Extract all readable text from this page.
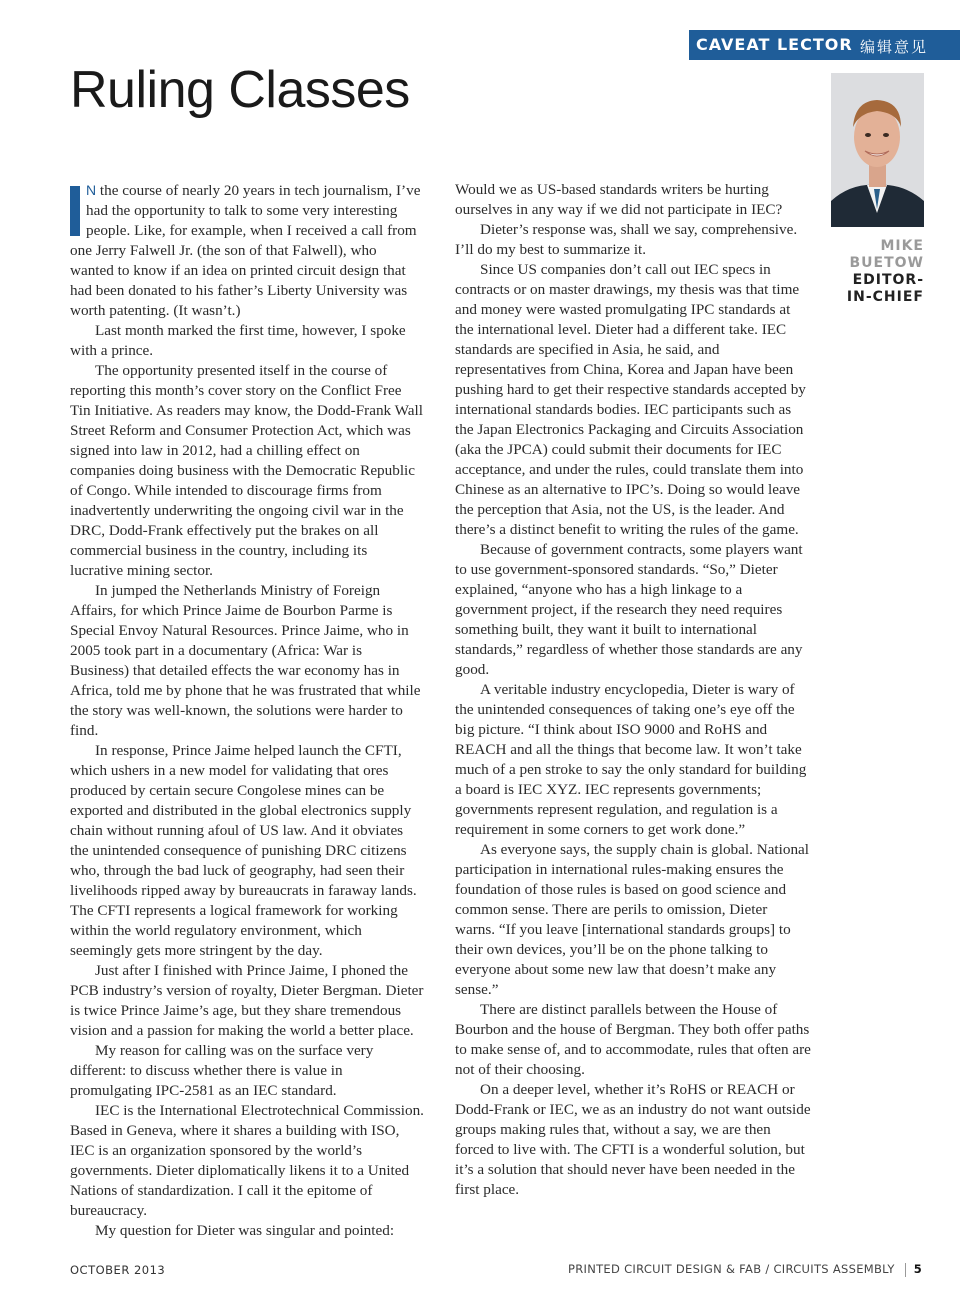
CAVEAT LECTOR 编辑意见
Ruling Classes
MIKE BUETOW
EDITOR-IN-CHIEF

N the course of nearly 20 years in tech journalism, I’ve had the opportunity to talk to some very interesting people. Like, for example, when I received a call from one Jerry Falwell Jr. (the son of that Falwell), who wanted to know if an idea on printed circuit design that had been donated to his father’s Liberty University was worth patenting. (It wasn’t.)

Last month marked the first time, however, I spoke with a prince.

The opportunity presented itself in the course of reporting this month’s cover story on the Conflict Free Tin Initiative. As readers may know, the Dodd-Frank Wall Street Reform and Consumer Protection Act, which was signed into law in 2012, had a chilling effect on companies doing business with the Democratic Republic of Congo. While intended to discourage firms from inadvertently underwriting the ongoing civil war in the DRC, Dodd-Frank effectively put the brakes on all commercial business in the country, including its lucrative mining sector.

In jumped the Netherlands Ministry of Foreign Affairs, for which Prince Jaime de Bourbon Parme is Special Envoy Natural Resources. Prince Jaime, who in 2005 took part in a documentary (Africa: War is Business) that detailed effects the war economy has in Africa, told me by phone that he was frustrated that while the story was well-known, the solutions were harder to find.

In response, Prince Jaime helped launch the CFTI, which ushers in a new model for validating that ores produced by certain secure Congolese mines can be exported and distributed in the global electronics supply chain without running afoul of US law. And it obviates the unintended consequence of punishing DRC citizens who, through the bad luck of geography, had seen their livelihoods ripped away by bureaucrats in faraway lands. The CFTI represents a logical framework for working within the world regulatory environment, which seemingly gets more stringent by the day.

Just after I finished with Prince Jaime, I phoned the PCB industry’s version of royalty, Dieter Bergman. Dieter is twice Prince Jaime’s age, but they share tremendous vision and a passion for making the world a better place.

My reason for calling was on the surface very different: to discuss whether there is value in promulgating IPC-2581 as an IEC standard.

IEC is the International Electrotechnical Commission. Based in Geneva, where it shares a building with ISO, IEC is an organization sponsored by the world’s governments. Dieter diplomatically likens it to a United Nations of standardization. I call it the epitome of bureaucracy.

My question for Dieter was singular and pointed:

Would we as US-based standards writers be hurting ourselves in any way if we did not participate in IEC?

Dieter’s response was, shall we say, comprehensive. I’ll do my best to summarize it.

Since US companies don’t call out IEC specs in contracts or on master drawings, my thesis was that time and money were wasted promulgating IPC standards at the international level. Dieter had a different take. IEC standards are specified in Asia, he said, and representatives from China, Korea and Japan have been pushing hard to get their respective standards accepted by international standards bodies. IEC participants such as the Japan Electronics Packaging and Circuits Association (aka the JPCA) could submit their documents for IEC acceptance, and under the rules, could translate them into Chinese as an alternative to IPC’s. Doing so would leave the perception that Asia, not the US, is the leader. And there’s a distinct benefit to writing the rules of the game.

Because of government contracts, some players want to use government-sponsored standards. “So,” Dieter explained, “anyone who has a high linkage to a government project, if the research they need requires something built, they want it built to international standards,” regardless of whether those standards are any good.

A veritable industry encyclopedia, Dieter is wary of the unintended consequences of taking one’s eye off the big picture. “I think about ISO 9000 and RoHS and REACH and all the things that become law. It won’t take much of a pen stroke to say the only standard for building a board is IEC XYZ. IEC represents governments; governments represent regulation, and regulation is a requirement in some corners to get work done.”

As everyone says, the supply chain is global. National participation in international rules-making ensures the foundation of those rules is based on good science and common sense. There are perils to omission, Dieter warns. “If you leave [international standards groups] to their own devices, you’ll be on the phone talking to everyone about some new law that doesn’t make any sense.”

There are distinct parallels between the House of Bourbon and the house of Bergman. They both offer paths to make sense of, and to accommodate, rules that often are not of their choosing.

On a deeper level, whether it’s RoHS or REACH or Dodd-Frank or IEC, we as an industry do not want outside groups making rules that, without a say, we are then forced to live with. The CFTI is a wonderful solution, but it’s a solution that should never have been needed in the first place.

OCTOBER 2013	PRINTED CIRCUIT DESIGN & FAB / CIRCUITS ASSEMBLY 5
